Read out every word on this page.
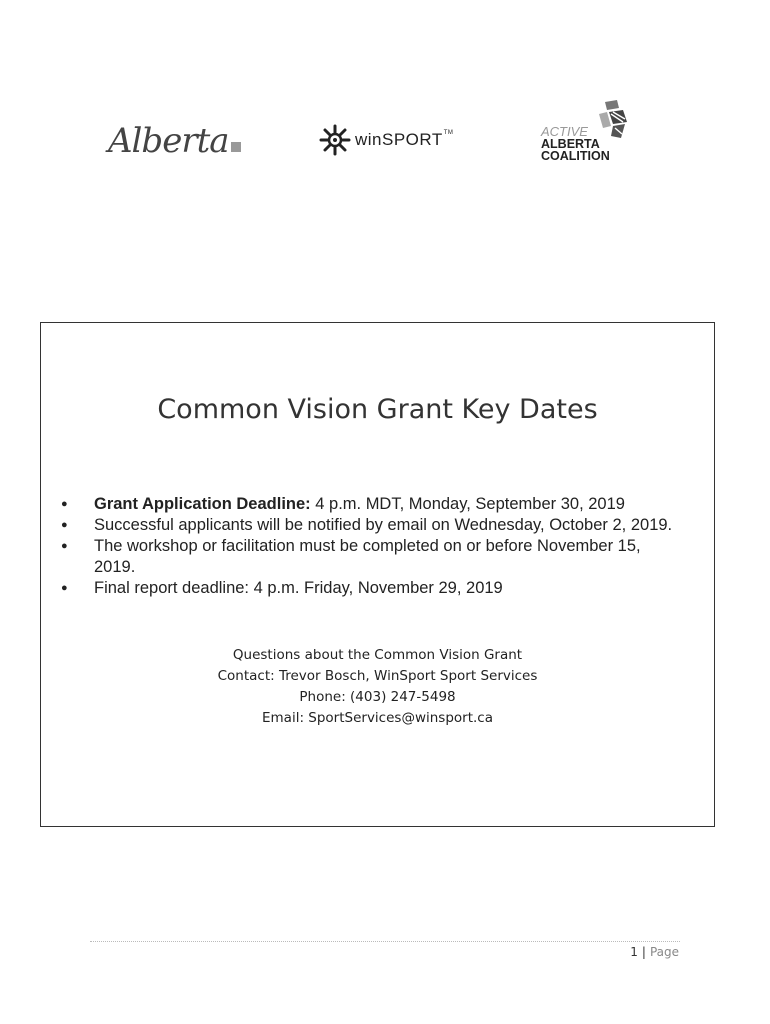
Alberta	winSPORT™	ACTIVE
ALBERTA
COALITION
Common Vision Grant Key Dates
● Grant Application Deadline: 4 p.m. MDT, Monday, September 30, 2019
● Successful applicants will be notified by email on Wednesday, October 2, 2019.
● The workshop or facilitation must be completed on or before November 15, 2019.
● Final report deadline: 4 p.m. Friday, November 29, 2019
Questions about the Common Vision Grant
Contact: Trevor Bosch, WinSport Sport Services
Phone: (403) 247-5498
Email: SportServices@winsport.ca
1 | Page
